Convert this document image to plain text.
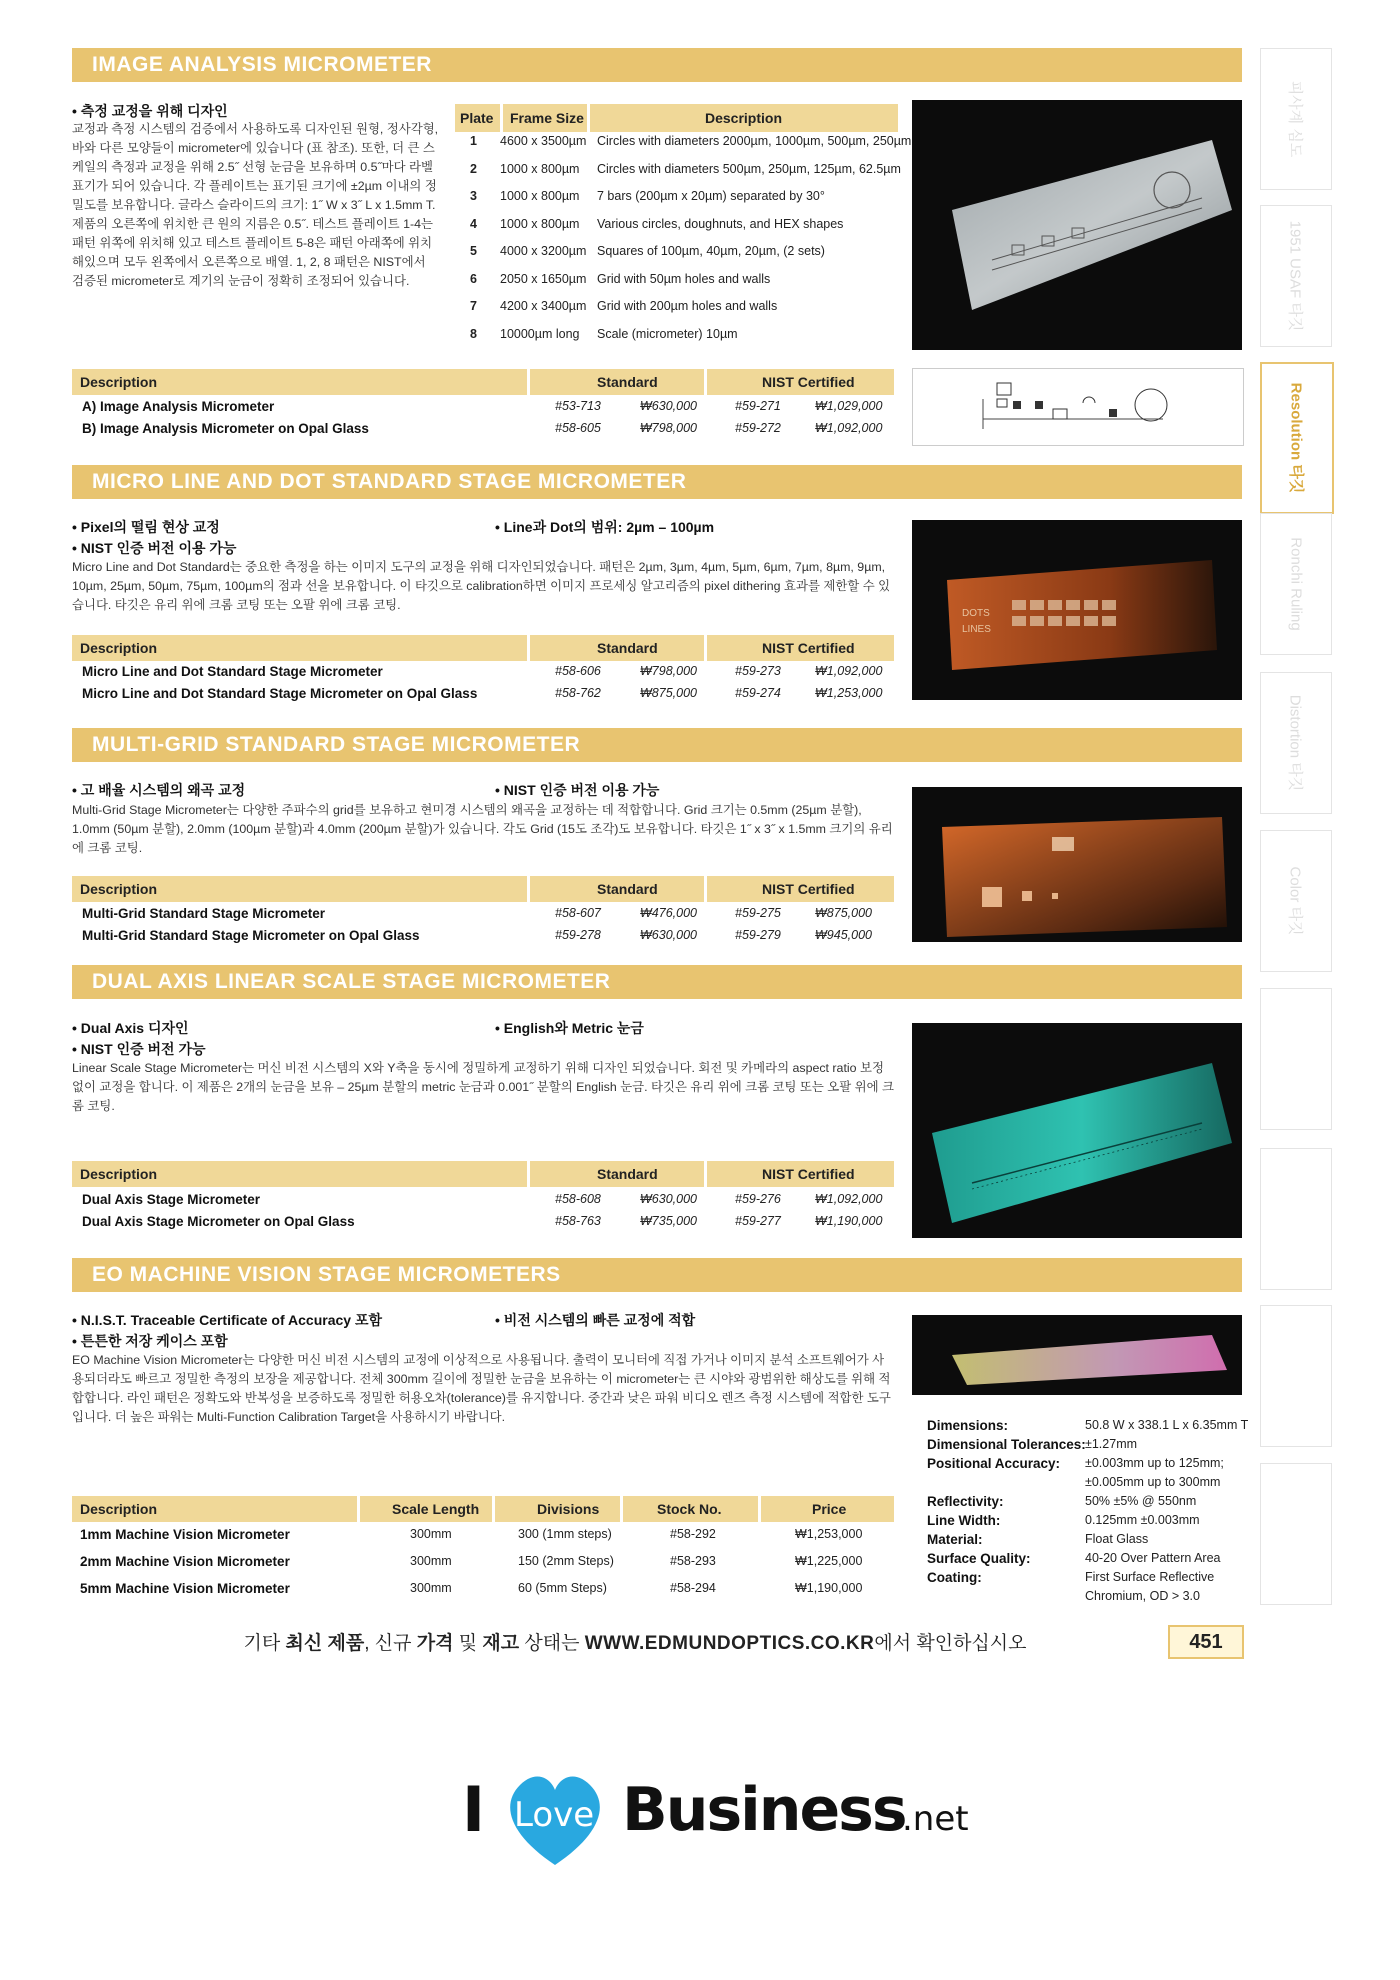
IMAGE ANALYSIS MICROMETER
• 측정 교정을 위해 디자인
교정과 측정 시스템의 검증에서 사용하도록 디자인된 원형, 정사각형, 바와 다른 모양들이 micrometer에 있습니다 (표 참조). 또한, 더 큰 스케일의 측정과 교정을 위해 2.5˝ 선형 눈금을 보유하며 0.5˝마다 라벨 표기가 되어 있습니다. 각 플레이트는 표기된 크기에 ±2µm 이내의 정밀도를 보유합니다. 글라스 슬라이드의 크기: 1˝ W x 3˝ L x 1.5mm T. 제품의 오른쪽에 위치한 큰 원의 지름은 0.5˝. 테스트 플레이트 1-4는 패턴 위쪽에 위치해 있고 테스트 플레이트 5-8은 패턴 아래쪽에 위치해있으며 모두 왼쪽에서 오른쪽으로 배열. 1, 2, 8 패턴은 NIST에서 검증된 micrometer로 계기의 눈금이 정확히 조정되어 있습니다.
Plate Frame Size	Description
1 4600 x 3500µm Circles with diameters 2000µm, 1000µm, 500µm, 250µm
2 1000 x 800µm Circles with diameters 500µm, 250µm, 125µm, 62.5µm
3 1000 x 800µm 7 bars (200µm x 20µm) separated by 30°
4 1000 x 800µm Various circles, doughnuts, and HEX shapes
5 4000 x 3200µm Squares of 100µm, 40µm, 20µm, (2 sets)
6 2050 x 1650µm Grid with 50µm holes and walls
7 4200 x 3400µm Grid with 200µm holes and walls
8 10000µm long Scale (micrometer) 10µm
Description	Standard	NIST Certified
A) Image Analysis Micrometer	#53-713	₩630,000	#59-271	₩1,029,000
B) Image Analysis Micrometer on Opal Glass	#58-605	₩798,000	#59-272	₩1,092,000
MICRO LINE AND DOT STANDARD STAGE MICROMETER
• Pixel의 떨림 현상 교정
• NIST 인증 버전 이용 가능
• Line과 Dot의 범위: 2µm – 100µm
Micro Line and Dot Standard는 중요한 측정을 하는 이미지 도구의 교정을 위해 디자인되었습니다. 패턴은 2µm, 3µm, 4µm, 5µm, 6µm, 7µm, 8µm, 9µm, 10µm, 25µm, 50µm, 75µm, 100µm의 점과 선을 보유합니다. 이 타깃으로 calibration하면 이미지 프로세싱 알고리즘의 pixel dithering 효과를 제한할 수 있습니다. 타깃은 유리 위에 크롬 코팅 또는 오팔 위에 크롬 코팅.
DOTS
LINES
Description	Standard	NIST Certified
Micro Line and Dot Standard Stage Micrometer	#58-606	₩798,000	#59-273	₩1,092,000
Micro Line and Dot Standard Stage Micrometer on Opal Glass	#58-762	₩875,000	#59-274	₩1,253,000
MULTI-GRID STANDARD STAGE MICROMETER
• 고 배율 시스템의 왜곡 교정	• NIST 인증 버전 이용 가능
Multi-Grid Stage Micrometer는 다양한 주파수의 grid를 보유하고 현미경 시스템의 왜곡을 교정하는 데 적합합니다. Grid 크기는 0.5mm (25µm 분할), 1.0mm (50µm 분할), 2.0mm (100µm 분할)과 4.0mm (200µm 분할)가 있습니다. 각도 Grid (15도 조각)도 보유합니다. 타깃은 1˝ x 3˝ x 1.5mm 크기의 유리에 크롬 코팅.
Description	Standard	NIST Certified
Multi-Grid Standard Stage Micrometer	#58-607	₩476,000	#59-275	₩875,000
Multi-Grid Standard Stage Micrometer on Opal Glass	#59-278	₩630,000	#59-279	₩945,000
DUAL AXIS LINEAR SCALE STAGE MICROMETER
• Dual Axis 디자인
• NIST 인증 버전 가능
• English와 Metric 눈금
Linear Scale Stage Micrometer는 머신 비전 시스템의 X와 Y축을 동시에 정밀하게 교정하기 위해 디자인 되었습니다. 회전 및 카메라의 aspect ratio 보정 없이 교정을 합니다. 이 제품은 2개의 눈금을 보유 – 25µm 분할의 metric 눈금과 0.001˝ 분할의 English 눈금. 타깃은 유리 위에 크롬 코팅 또는 오팔 위에 크롬 코팅.
Description	Standard	NIST Certified
Dual Axis Stage Micrometer	#58-608	₩630,000	#59-276	₩1,092,000
Dual Axis Stage Micrometer on Opal Glass	#58-763	₩735,000	#59-277	₩1,190,000
EO MACHINE VISION STAGE MICROMETERS
• N.I.S.T. Traceable Certificate of Accuracy 포함
• 튼튼한 저장 케이스 포함
• 비전 시스템의 빠른 교정에 적합
EO Machine Vision Micrometer는 다양한 머신 비전 시스템의 교정에 이상적으로 사용됩니다. 출력이 모니터에 직접 가거나 이미지 분석 소프트웨어가 사용되더라도 빠르고 정밀한 측정의 보장을 제공합니다. 전체 300mm 길이에 정밀한 눈금을 보유하는 이 micrometer는 큰 시야와 광범위한 해상도를 위해 적합합니다. 라인 패턴은 정확도와 반복성을 보증하도록 정밀한 허용오차(tolerance)를 유지합니다. 중간과 낮은 파워 비디오 렌즈 측정 시스템에 적합한 도구입니다. 더 높은 파워는 Multi-Function Calibration Target을 사용하시기 바랍니다.
Dimensions:	50.8 W x 338.1 L x 6.35mm T
Dimensional Tolerances: ±1.27mm
Positional Accuracy: ±0.003mm up to 125mm;
±0.005mm up to 300mm
Reflectivity:	50% ±5% @ 550nm
Line Width:	0.125mm ±0.003mm
Material:	Float Glass
Surface Quality:	40-20 Over Pattern Area
Coating:	First Surface Reflective
Chromium, OD > 3.0
Description	Scale Length	Divisions	Stock No.	Price
1mm Machine Vision Micrometer	300mm	300 (1mm steps)	#58-292	₩1,253,000
2mm Machine Vision Micrometer	300mm	150 (2mm Steps)	#58-293	₩1,225,000
5mm Machine Vision Micrometer	300mm	60 (5mm Steps)	#58-294	₩1,190,000
기타 최신 제품, 신규 가격 및 재고 상태는 WWW.EDMUNDOPTICS.CO.KR에서 확인하십시오	451
피사계 심도
1951 USAF 타깃
Resolution 타깃
Ronchi Ruling
Distortion 타깃
Color 타깃
I Love Business
.net
